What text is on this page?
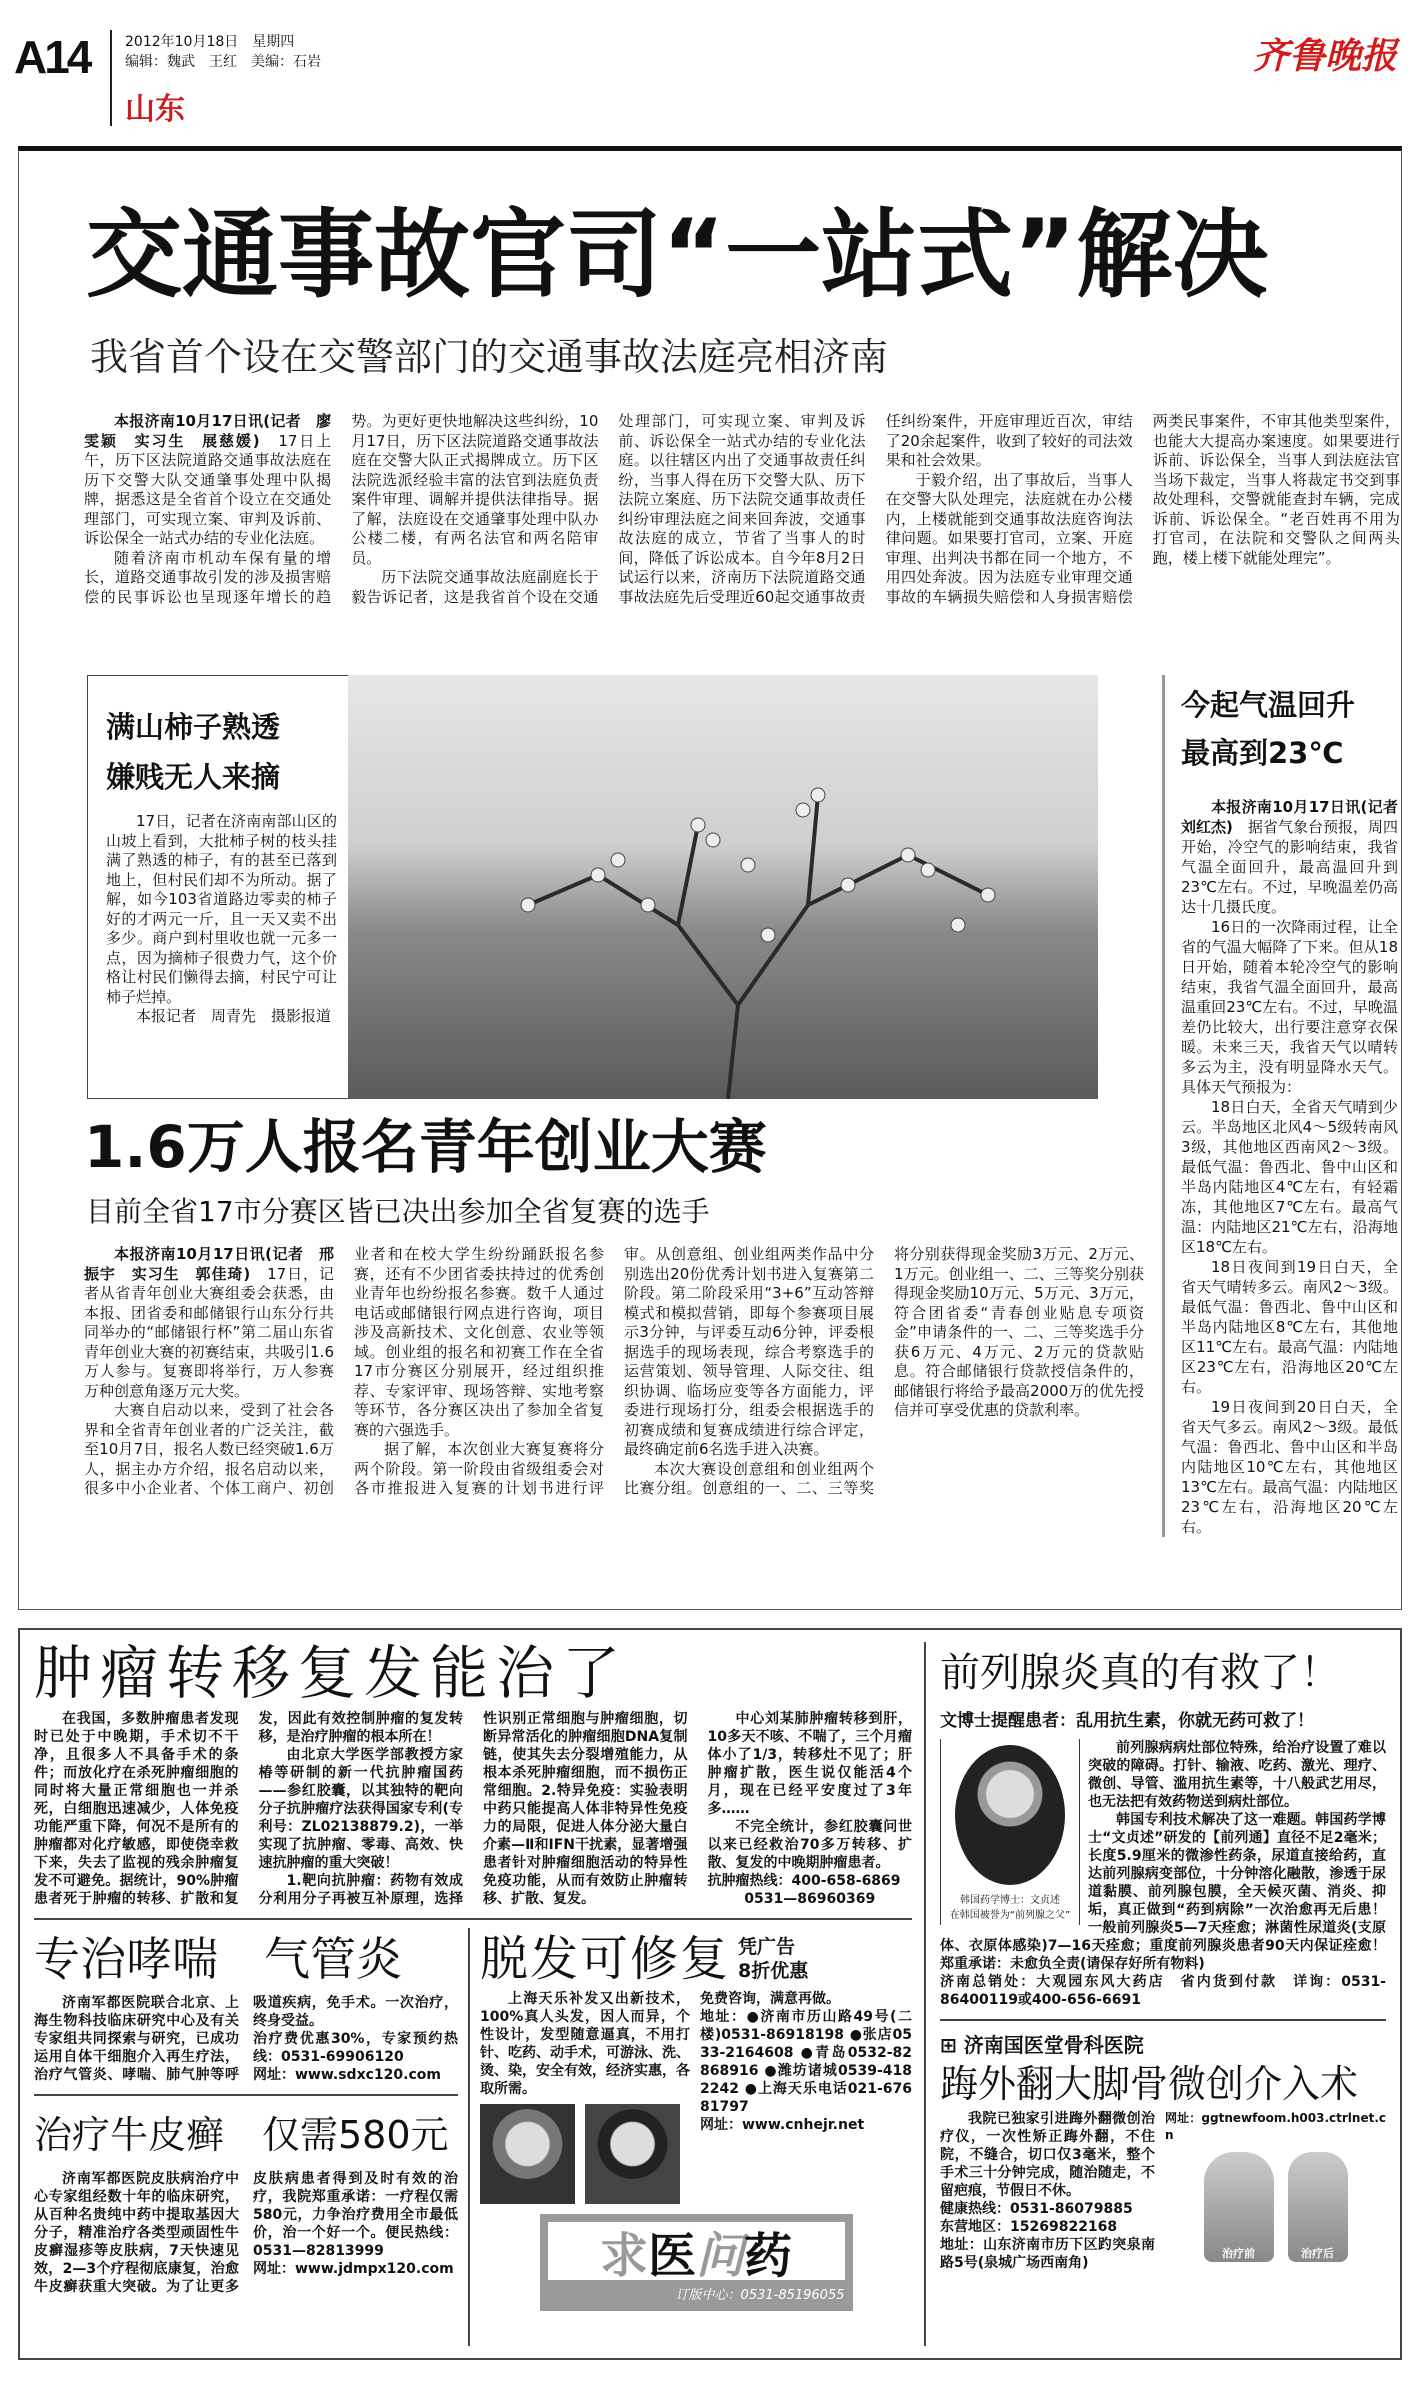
A14	2012年10月18日　星期四
编辑：魏武　王红　美编：石岩
山东
齐鲁晚报
交通事故官司“一站式”解决
我省首个设在交警部门的交通事故法庭亮相济南

本报济南10月17日讯(记者　廖雯颖　实习生　展慈媛)　 17日上午，历下区法院道路交通事故法庭在历下交警大队交通肇事处理中队揭牌，据悉这是全省首个设立在交通处理部门，可实现立案、审判及诉前、诉讼保全一站式办结的专业化法庭。

随着济南市机动车保有量的增长，道路交通事故引发的涉及损害赔偿的民事诉讼也呈现逐年增长的趋势。为更好更快地解决这些纠纷，10月17日，历下区法院道路交通事故法庭在交警大队正式揭牌成立。历下区法院选派经验丰富的法官到法庭负责案件审理、调解并提供法律指导。据了解，法庭设在交通肇事处理中队办公楼二楼，有两名法官和两名陪审员。

历下法院交通事故法庭副庭长于毅告诉记者，这是我省首个设在交通处理部门，可实现立案、审判及诉前、诉讼保全一站式办结的专业化法庭。以往辖区内出了交通事故责任纠纷，当事人得在历下交警大队、历下法院立案庭、历下法院交通事故责任纠纷审理法庭之间来回奔波，交通事故法庭的成立，节省了当事人的时间，降低了诉讼成本。自今年8月2日试运行以来，济南历下法院道路交通事故法庭先后受理近60起交通事故责任纠纷案件，开庭审理近百次，审结了20余起案件，收到了较好的司法效果和社会效果。

于毅介绍，出了事故后，当事人在交警大队处理完，法庭就在办公楼内，上楼就能到交通事故法庭咨询法律问题。如果要打官司，立案、开庭审理、出判决书都在同一个地方，不用四处奔波。因为法庭专业审理交通事故的车辆损失赔偿和人身损害赔偿两类民事案件，不审其他类型案件，也能大大提高办案速度。如果要进行诉前、诉讼保全，当事人到法庭法官当场下裁定，当事人将裁定书交到事故处理科，交警就能查封车辆，完成诉前、诉讼保全。“老百姓再不用为打官司，在法院和交警队之间两头跑，楼上楼下就能处理完”。

满山柿子熟透
嫌贱无人来摘

17日，记者在济南南部山区的山坡上看到，大批柿子树的枝头挂满了熟透的柿子，有的甚至已落到地上，但村民们却不为所动。据了解，如今103省道路边零卖的柿子好的才两元一斤，且一天又卖不出多少。商户到村里收也就一元多一点，因为摘柿子很费力气，这个价格让村民们懒得去摘，村民宁可让柿子烂掉。

本报记者　周青先　摄影报道

今起气温回升
最高到23℃

本报济南10月17日讯(记者　刘红杰)　 据省气象台预报，周四开始，冷空气的影响结束，我省气温全面回升，最高温回升到23℃左右。不过，早晚温差仍高达十几摄氏度。

16日的一次降雨过程，让全省的气温大幅降了下来。但从18日开始，随着本轮冷空气的影响结束，我省气温全面回升，最高温重回23℃左右。不过，早晚温差仍比较大，出行要注意穿衣保暖。未来三天，我省天气以晴转多云为主，没有明显降水天气。具体天气预报为：

18日白天，全省天气晴到少云。半岛地区北风4～5级转南风3级，其他地区西南风2～3级。最低气温：鲁西北、鲁中山区和半岛内陆地区4℃左右，有轻霜冻，其他地区7℃左右。最高气温：内陆地区21℃左右，沿海地区18℃左右。

18日夜间到19日白天，全省天气晴转多云。南风2～3级。最低气温：鲁西北、鲁中山区和半岛内陆地区8℃左右，其他地区11℃左右。最高气温：内陆地区23℃左右，沿海地区20℃左右。

19日夜间到20日白天，全省天气多云。南风2～3级。最低气温：鲁西北、鲁中山区和半岛内陆地区10℃左右，其他地区13℃左右。最高气温：内陆地区23℃左右，沿海地区20℃左右。

1.6万人报名青年创业大赛
目前全省17市分赛区皆已决出参加全省复赛的选手

本报济南10月17日讯(记者　邢振宇　实习生　郭佳琦)　 17日，记者从省青年创业大赛组委会获悉，由本报、团省委和邮储银行山东分行共同举办的“邮储银行杯”第二届山东省青年创业大赛的初赛结束，共吸引1.6万人参与。复赛即将举行，万人参赛万种创意角逐万元大奖。

大赛自启动以来，受到了社会各界和全省青年创业者的广泛关注，截至10月7日，报名人数已经突破1.6万人，据主办方介绍，报名启动以来，很多中小企业者、个体工商户、初创业者和在校大学生纷纷踊跃报名参赛，还有不少团省委扶持过的优秀创业青年也纷纷报名参赛。数千人通过电话或邮储银行网点进行咨询，项目涉及高新技术、文化创意、农业等领域。创业组的报名和初赛工作在全省17市分赛区分别展开，经过组织推荐、专家评审、现场答辩、实地考察等环节，各分赛区决出了参加全省复赛的六强选手。

据了解，本次创业大赛复赛将分两个阶段。第一阶段由省级组委会对各市推报进入复赛的计划书进行评审。从创意组、创业组两类作品中分别选出20份优秀计划书进入复赛第二阶段。第二阶段采用“3+6”互动答辩模式和模拟营销，即每个参赛项目展示3分钟，与评委互动6分钟，评委根据选手的现场表现，综合考察选手的运营策划、领导管理、人际交往、组织协调、临场应变等各方面能力，评委进行现场打分，组委会根据选手的初赛成绩和复赛成绩进行综合评定，最终确定前6名选手进入决赛。

本次大赛设创意组和创业组两个比赛分组。创意组的一、二、三等奖将分别获得现金奖励3万元、2万元、1万元。创业组一、二、三等奖分别获得现金奖励10万元、5万元、3万元，符合团省委“青春创业贴息专项资金”申请条件的一、二、三等奖选手分获6万元、4万元、2万元的贷款贴息。符合邮储银行贷款授信条件的，邮储银行将给予最高2000万的优先授信并可享受优惠的贷款利率。

肿瘤转移复发能治了

在我国，多数肿瘤患者发现时已处于中晚期，手术切不干净，且很多人不具备手术的条件；而放化疗在杀死肿瘤细胞的同时将大量正常细胞也一并杀死，白细胞迅速减少，人体免疫功能严重下降，何况不是所有的肿瘤都对化疗敏感，即使侥幸救下来，失去了监视的残余肿瘤复发不可避免。据统计，90%肿瘤患者死于肿瘤的转移、扩散和复发，因此有效控制肿瘤的复发转移，是治疗肿瘤的根本所在！

由北京大学医学部教授方家椿等研制的新一代抗肿瘤国药——参红胶囊，以其独特的靶向分子抗肿瘤疗法获得国家专利(专利号：ZL02138879.2)，一举实现了抗肿瘤、零毒、高效、快速抗肿瘤的重大突破！

1.靶向抗肿瘤：药物有效成分利用分子再被互补原理，选择性识别正常细胞与肿瘤细胞，切断异常活化的肿瘤细胞DNA复制链，使其失去分裂增殖能力，从根本杀死肿瘤细胞，而不损伤正常细胞。2.特异免疫：实验表明中药只能提高人体非特异性免疫力的局限，促进人体分泌大量白介素—Ⅱ和IFN干扰素，显著增强患者针对肿瘤细胞活动的特异性免疫功能，从而有效防止肿瘤转移、扩散、复发。

中心刘某肺肿瘤转移到肝，10多天不咳、不喘了，三个月瘤体小了1/3，转移灶不见了；肝肿瘤扩散，医生说仅能活4个月，现在已经平安度过了3年多……

不完全统计，参红胶囊问世以来已经救治70多万转移、扩散、复发的中晚期肿瘤患者。

抗肿瘤热线：400-658-6869
0531—86960369
专治哮喘　气管炎

济南军都医院联合北京、上海生物科技临床研究中心及有关专家组共同探索与研究，已成功运用自体干细胞介入再生疗法，治疗气管炎、哮喘、肺气肿等呼吸道疾病，免手术。一次治疗，终身受益。

治疗费优惠30%，专家预约热线：0531-69906120
网址：www.sdxc120.com
治疗牛皮癣　仅需580元

济南军都医院皮肤病治疗中心专家组经数十年的临床研究，从百种名贵纯中药中提取基因大分子，精准治疗各类型顽固性牛皮癣湿疹等皮肤病，7天快速见效，2—3个疗程彻底康复，治愈牛皮癣获重大突破。为了让更多皮肤病患者得到及时有效的治疗，我院郑重承诺：一疗程仅需580元，力争治疗费用全市最低价，治一个好一个。便民热线：0531—82813999

网址：www.jdmpx120.com
脱发可修复 凭广告
8折优惠

上海天乐补发又出新技术，100%真人头发，因人而异，个性设计，发型随意逼真，不用打针、吃药、动手术，可游泳、洗、烫、染，安全有效，经济实惠，各取所需。

免费咨询，满意再做。
地址：●济南市历山路49号(二楼)0531-86918198 ●张店0533-2164608 ●青岛0532-82868916 ●潍坊诸城0539-4182242 ●上海天乐电话021-67681797
网址：www.cnhejr.net
求 医 问 药
订版中心：0531-85196055
前列腺炎真的有救了！
文博士提醒患者：乱用抗生素，你就无药可救了！
韩国药学博士：文贞述
在韩国被誉为“前列腺之父”

前列腺病病灶部位特殊，给治疗设置了难以突破的障碍。打针、输液、吃药、激光、理疗、微创、导管、滥用抗生素等，十八般武艺用尽，也无法把有效药物送到病灶部位。

韩国专利技术解决了这一难题。韩国药学博士“文贞述”研发的【前列通】直径不足2毫米；长度5.9厘米的微渗性药条，尿道直接给药，直达前列腺病变部位，十分钟溶化融散，渗透于尿道黏膜、前列腺包膜，全天候灭菌、消炎、抑垢，真正做到“药到病除”一次治愈再无后患！一般前列腺炎5—7天痊愈；淋菌性尿道炎(支原体、衣原体感染)7—16天痊愈；重度前列腺炎患者90天内保证痊愈！郑重承诺：未愈负全责(请保存好所有物料)

济南总销处：大观园东风大药店　省内货到付款　详询：0531-86400119或400-656-6691
⊞ 济南国医堂骨科医院
踇外翻大脚骨微创介入术

我院已独家引进踇外翻微创治疗仪，一次性矫正踇外翻，不住院，不缝合，切口仅3毫米，整个手术三十分钟完成，随治随走，不留疤痕，节假日不休。

健康热线：0531-86079885
东营地区：15269822168
地址：山东济南市历下区趵突泉南路5号(泉城广场西南角)
网址：ggtnewfoom.h003.ctrlnet.cn
治疗前	治疗后
